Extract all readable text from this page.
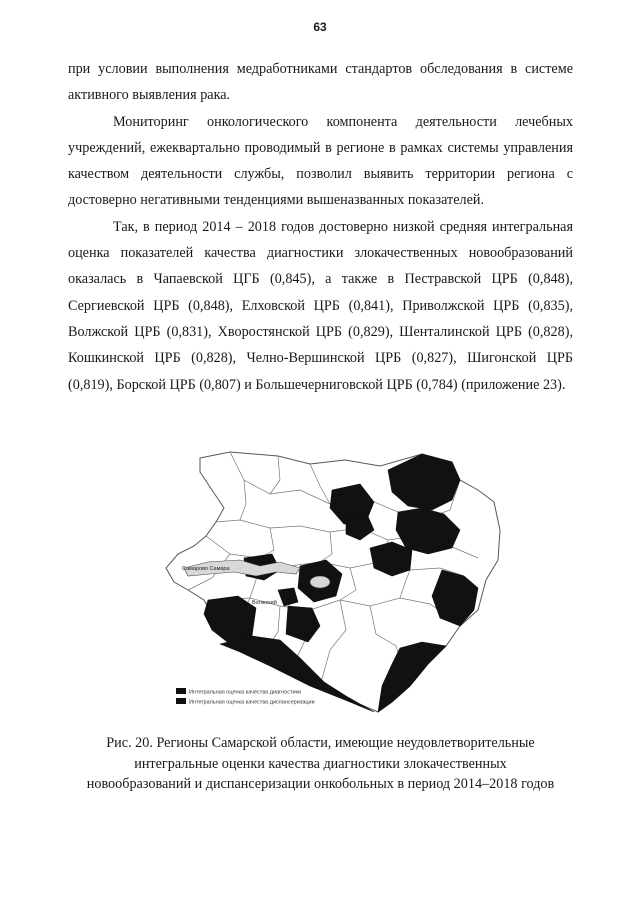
63

при условии выполнения медработниками стандартов обследования в системе активного выявления рака.

Мониторинг онкологического компонента деятельности лечебных учреждений, ежеквартально проводимый в регионе в рамках системы управления качеством деятельности службы, позволил выявить территории региона с достоверно негативными тенденциями вышеназванных показателей.

Так, в период 2014 – 2018 годов достоверно низкой средняя интегральная оценка показателей качества диагностики злокачественных новообразований оказалась в Чапаевской ЦГБ (0,845), а также в Пестравской ЦРБ (0,848), Сергиевской ЦРБ (0,848), Елховской ЦРБ (0,841), Приволжской ЦРБ (0,835), Волжской ЦРБ (0,831), Хворостянской ЦРБ (0,829), Шенталинской ЦРБ (0,828), Кошкинской ЦРБ (0,828), Челно-Вершинской ЦРБ (0,827), Шигонской ЦРБ (0,819), Борской ЦРБ (0,807) и Большечерниговской ЦРБ (0,784) (приложение 23).

Самарово Самара
Волжский
Интегральная оценка качества диагностики
Интегральная оценка качества диспансеризации
Рис. 20. Регионы Самарской области, имеющие неудовлетворительные
интегральные оценки качества диагностики злокачественных
новообразований и диспансеризации онкобольных в период 2014–2018 годов
